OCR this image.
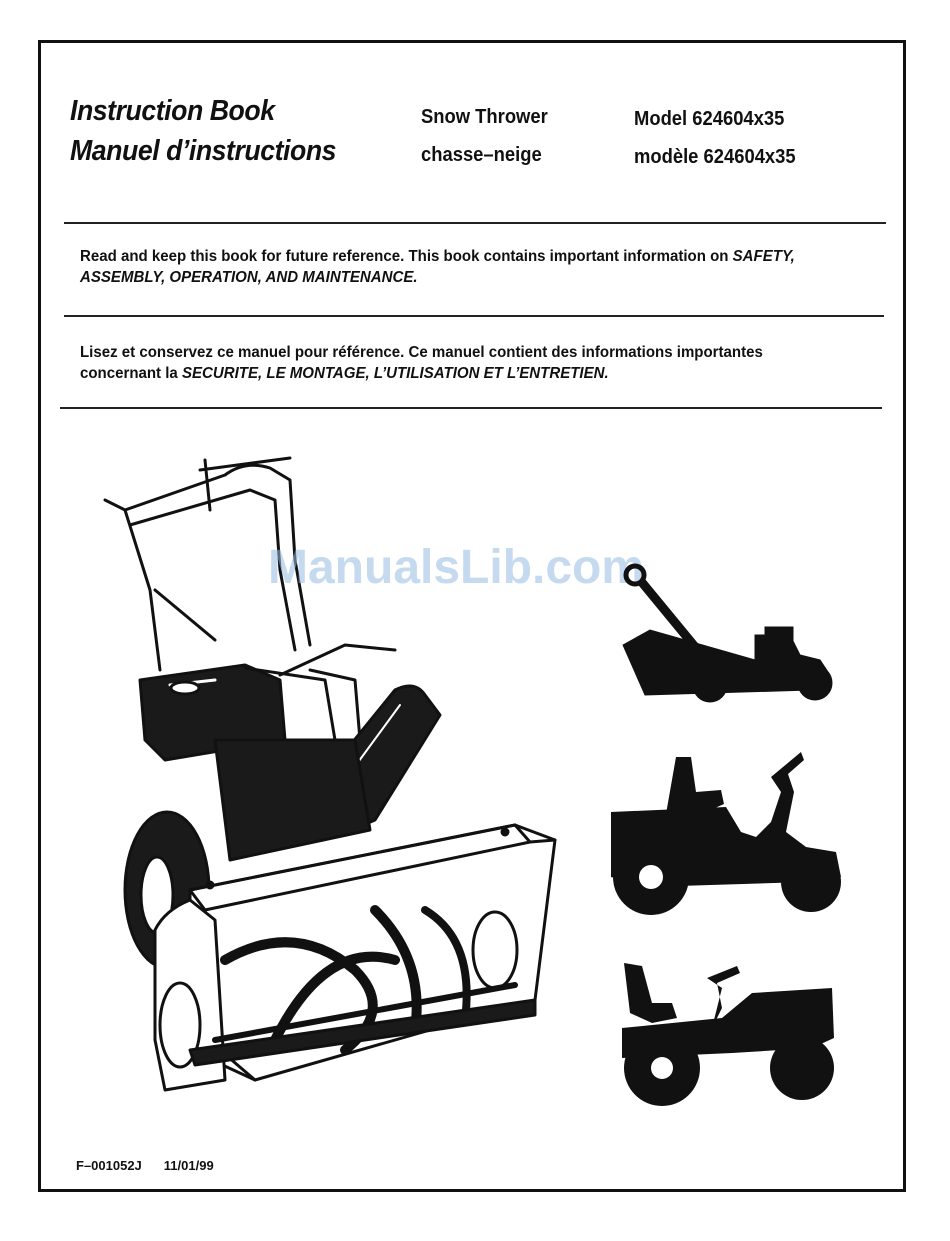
Instruction Book
Manuel d’instructions
Snow Thrower
chasse–neige
Model 624604x35
modèle 624604x35
Read and keep this book for future reference. This book contains important information on SAFETY, ASSEMBLY, OPERATION, AND MAINTENANCE.
Lisez et conservez ce manuel pour référence. Ce manuel contient des informations importantes concernant la SECURITE, LE MONTAGE, L’UTILISATION ET L’ENTRETIEN.
ManualsLib.com
F–001052J 11/01/99
